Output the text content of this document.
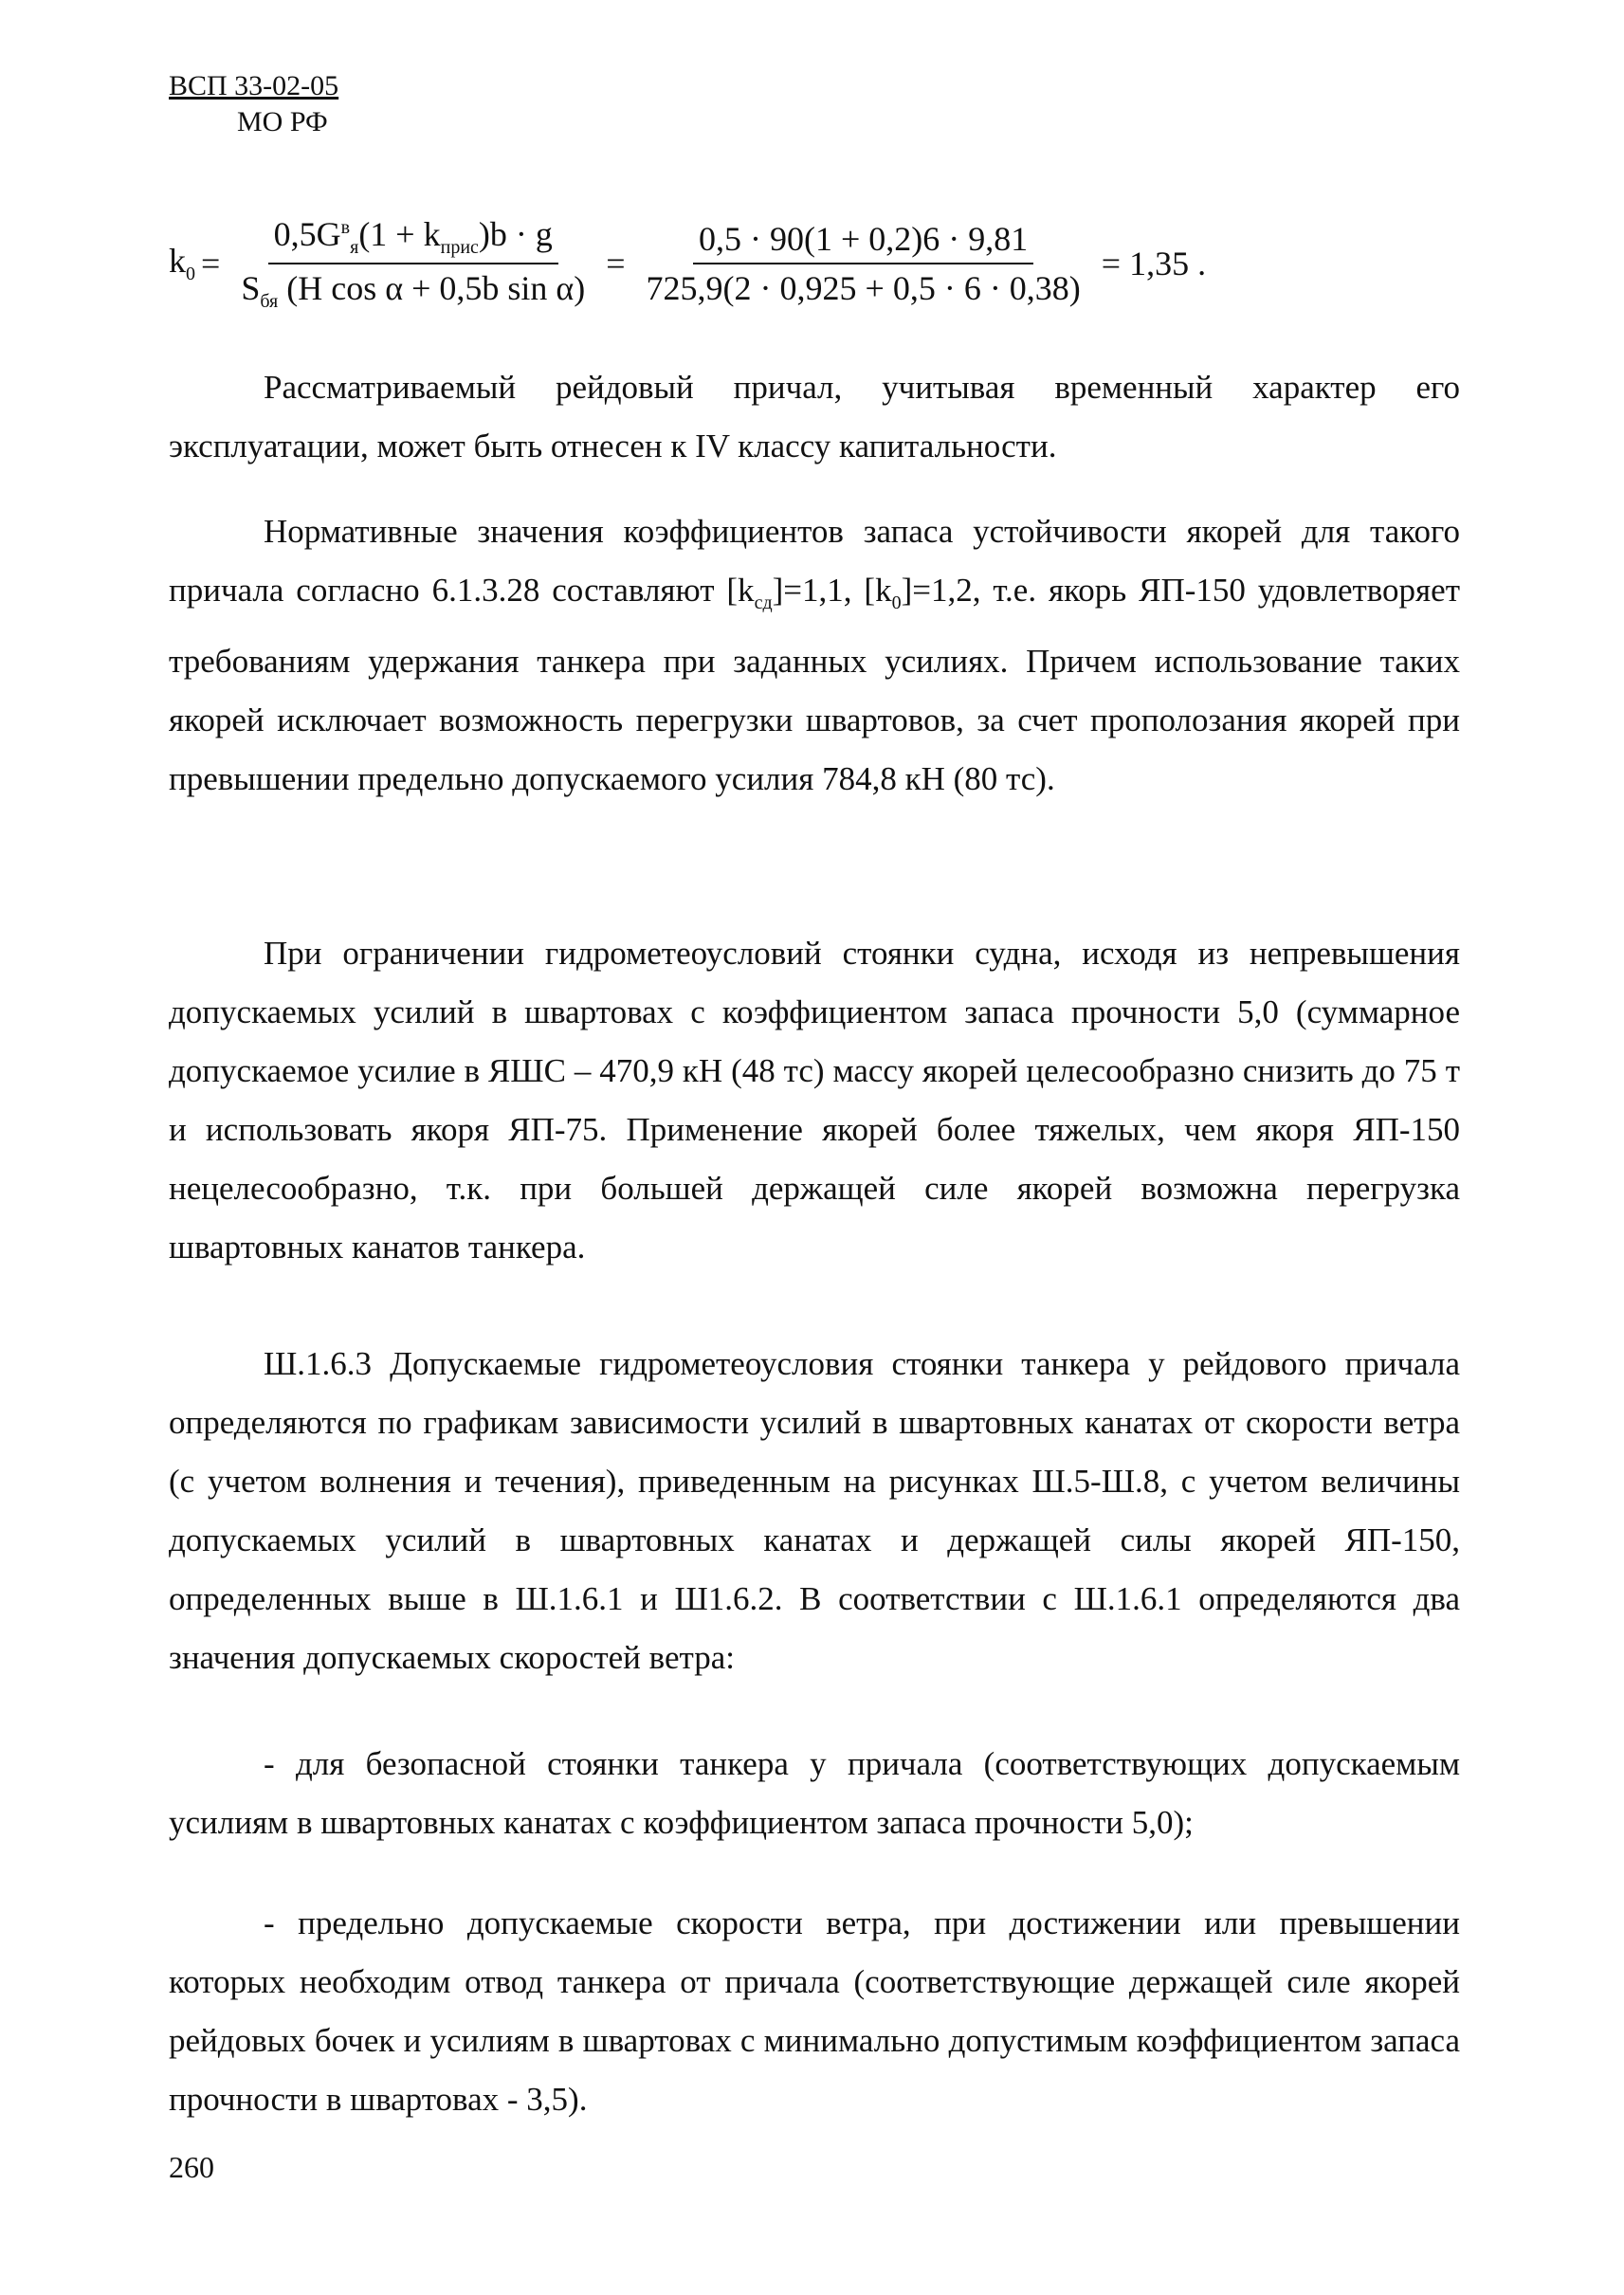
ВСП 33-02-05
МО РФ
$k_0 = \frac{0,5G^в_я(1 + k_{прис})b \cdot g}{S_{бя} (H \cos \alpha + 0,5b \sin \alpha)} = \frac{0,5 \cdot 90(1 + 0,2)6 \cdot 9,81}{725,9(2 \cdot 0,925 + 0,5 \cdot 6 \cdot 0,38)} = 1,35$ .

Рассматриваемый рейдовый причал, учитывая временный характер его эксплуатации, может быть отнесен к IV классу капитальности.

Нормативные значения коэффициентов запаса устойчивости якорей для такого причала согласно 6.1.3.28 составляют $[k_{сд}]=1,1$, $[k_0]=1,2$, т.е. якорь ЯП-150 удовлетворяет требованиям удержания танкера при заданных усилиях. Причем использование таких якорей исключает возможность перегрузки швартовов, за счет прополозания якорей при превышении предельно допускаемого усилия 784,8 кН (80 тс).

При ограничении гидрометеоусловий стоянки судна, исходя из непревышения допускаемых усилий в швартовах с коэффициентом запаса прочности 5,0 (суммарное допускаемое усилие в ЯШС – 470,9 кН (48 тс) массу якорей целесообразно снизить до 75 т и использовать якоря ЯП-75. Применение якорей более тяжелых, чем якоря ЯП-150 нецелесообразно, т.к. при большей держащей силе якорей возможна перегрузка швартовных канатов танкера.

Ш.1.6.3 Допускаемые гидрометеоусловия стоянки танкера у рейдового причала определяются по графикам зависимости усилий в швартовных канатах от скорости ветра (с учетом волнения и течения), приведенным на рисунках Ш.5-Ш.8, с учетом величины допускаемых усилий в швартовных канатах и держащей силы якорей ЯП-150, определенных выше в Ш.1.6.1 и Ш1.6.2. В соответствии с Ш.1.6.1 определяются два значения допускаемых скоростей ветра:

- для безопасной стоянки танкера у причала (соответствующих допускаемым усилиям в швартовных канатах с коэффициентом запаса прочности 5,0);

- предельно допускаемые скорости ветра, при достижении или превышении которых необходим отвод танкера от причала (соответствующие держащей силе якорей рейдовых бочек и усилиям в швартовах с минимально допустимым коэффициентом запаса прочности в швартовах - 3,5).

260
